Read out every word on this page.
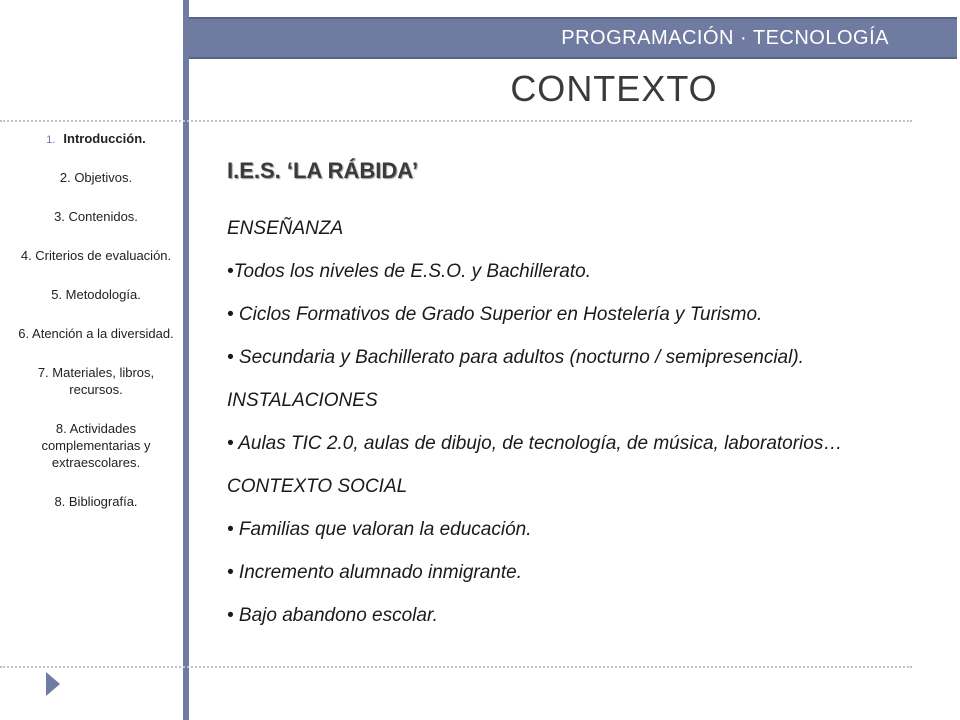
PROGRAMACIÓN · TECNOLOGÍA
CONTEXTO
1. Introducción.
2. Objetivos.
3. Contenidos.
4. Criterios de evaluación.
5. Metodología.
6. Atención a la diversidad.
7. Materiales, libros, recursos.
8. Actividades complementarias y extraescolares.
8. Bibliografía.
I.E.S. ‘LA RÁBIDA’
ENSEÑANZA
•Todos los niveles de E.S.O. y Bachillerato.
• Ciclos Formativos de Grado Superior en Hostelería y Turismo.
• Secundaria y Bachillerato para adultos (nocturno / semipresencial).
INSTALACIONES
• Aulas TIC 2.0, aulas de dibujo, de tecnología, de música, laboratorios…
CONTEXTO SOCIAL
• Familias que valoran la educación.
• Incremento alumnado inmigrante.
• Bajo abandono escolar.
